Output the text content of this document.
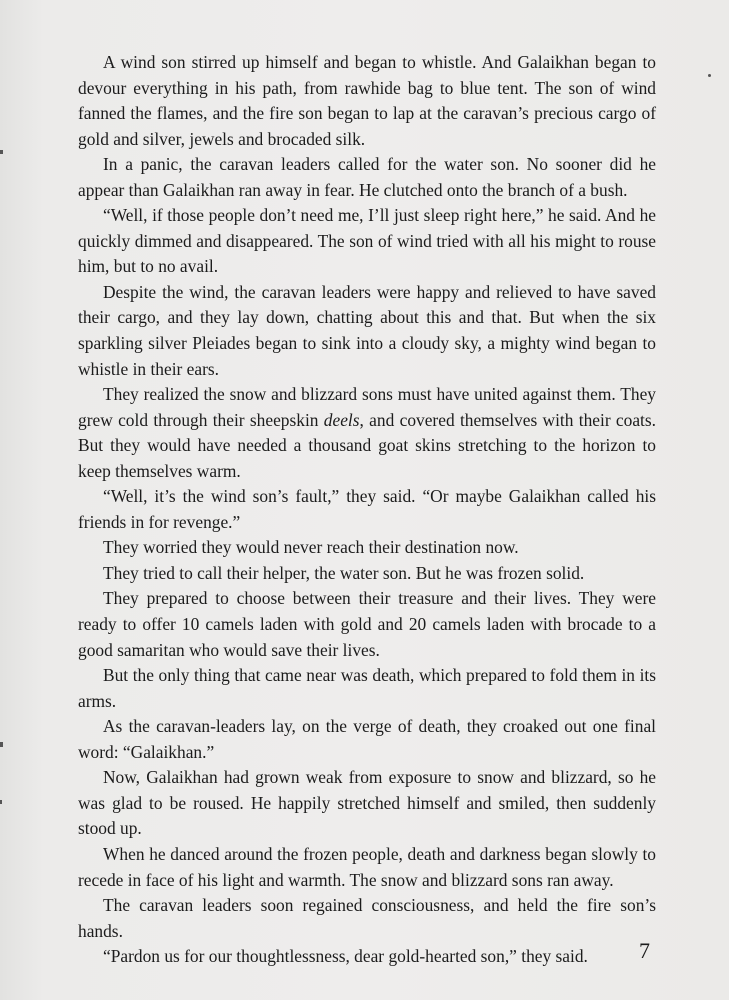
A wind son stirred up himself and began to whistle. And Galaikhan began to devour everything in his path, from rawhide bag to blue tent. The son of wind fanned the flames, and the fire son began to lap at the caravan’s precious cargo of gold and silver, jewels and brocaded silk.

In a panic, the caravan leaders called for the water son. No sooner did he appear than Galaikhan ran away in fear. He clutched onto the branch of a bush.

“Well, if those people don’t need me, I’ll just sleep right here,” he said. And he quickly dimmed and disappeared. The son of wind tried with all his might to rouse him, but to no avail.

Despite the wind, the caravan leaders were happy and relieved to have saved their cargo, and they lay down, chatting about this and that. But when the six sparkling silver Pleiades began to sink into a cloudy sky, a mighty wind began to whistle in their ears.

They realized the snow and blizzard sons must have united against them. They grew cold through their sheepskin deels, and covered themselves with their coats. But they would have needed a thousand goat skins stretching to the horizon to keep themselves warm.

“Well, it’s the wind son’s fault,” they said. “Or maybe Galaikhan called his friends in for revenge.”

They worried they would never reach their destination now.

They tried to call their helper, the water son. But he was frozen solid.

They prepared to choose between their treasure and their lives. They were ready to offer 10 camels laden with gold and 20 camels laden with brocade to a good samaritan who would save their lives.

But the only thing that came near was death, which prepared to fold them in its arms.

As the caravan-leaders lay, on the verge of death, they croaked out one final word: “Galaikhan.”

Now, Galaikhan had grown weak from exposure to snow and blizzard, so he was glad to be roused. He happily stretched himself and smiled, then suddenly stood up.

When he danced around the frozen people, death and darkness began slowly to recede in face of his light and warmth. The snow and blizzard sons ran away.

The caravan leaders soon regained consciousness, and held the fire son’s hands.

“Pardon us for our thoughtlessness, dear gold-hearted son,” they said.	7
